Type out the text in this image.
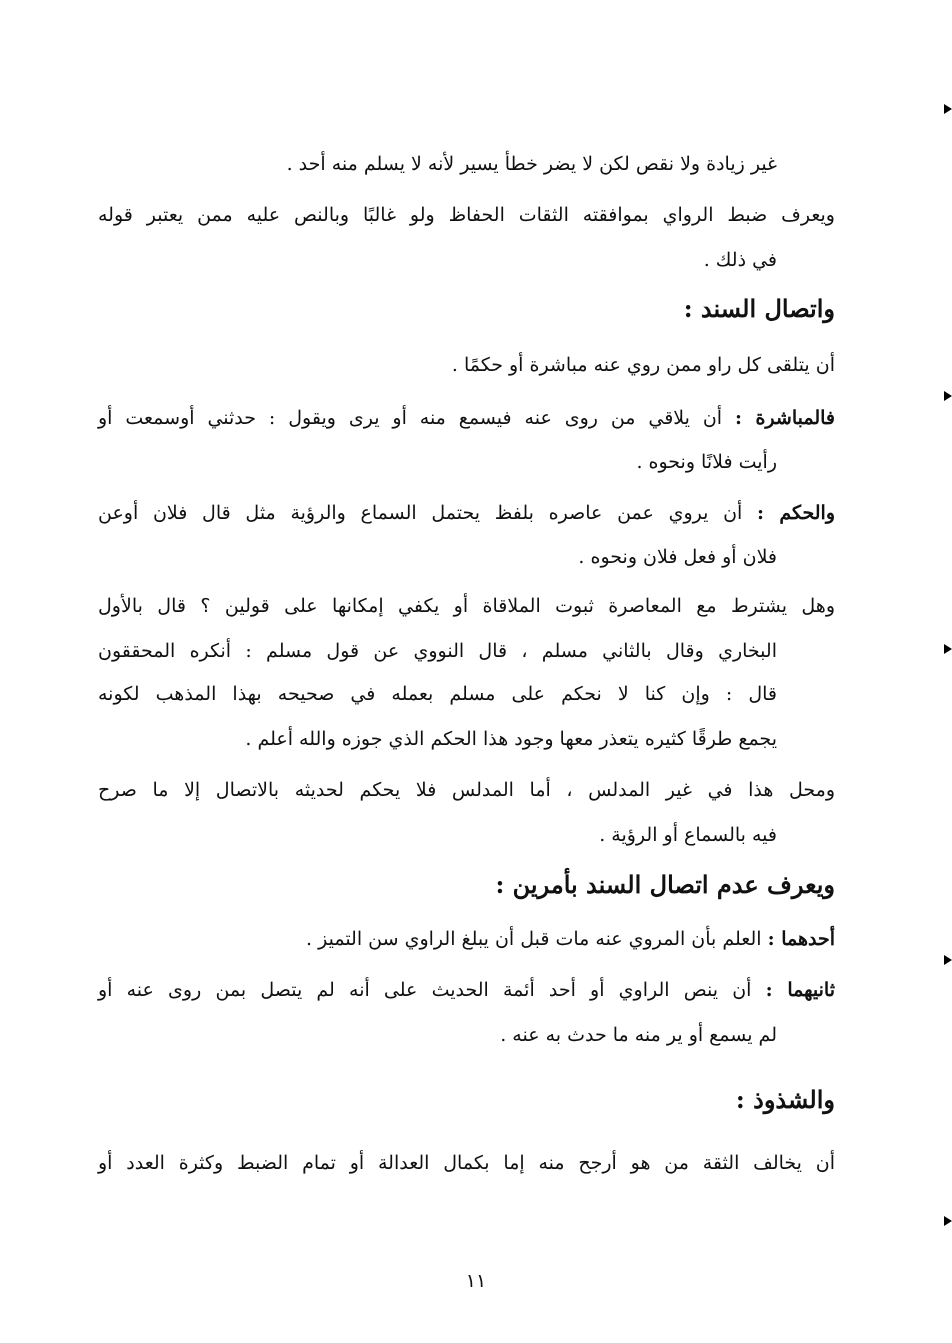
غير زيادة ولا نقص لكن لا يضر خطأ يسير لأنه لا يسلم منه أحد .
ويعرف ضبط الرواي بموافقته الثقات الحفاظ ولو غالبًا وبالنص عليه ممن يعتبر قوله
في ذلك .
واتصال السند :
أن يتلقى كل راو ممن روي عنه مباشرة أو حكمًا .
فالمباشرة : أن يلاقي من روى عنه فيسمع منه أو يرى ويقول : حدثني أوسمعت أو
رأيت فلانًا ونحوه .
والحكم : أن يروي عمن عاصره بلفظ يحتمل السماع والرؤية مثل قال فلان أوعن
فلان أو فعل فلان ونحوه .
وهل يشترط مع المعاصرة ثبوت الملاقاة أو يكفي إمكانها على قولين ؟ قال بالأول
البخاري وقال بالثاني مسلم ، قال النووي عن قول مسلم : أنكره المحققون
قال : وإن كنا لا نحكم على مسلم بعمله في صحيحه بهذا المذهب لكونه
يجمع طرقًا كثيره يتعذر معها وجود هذا الحكم الذي جوزه والله أعلم .
ومحل هذا في غير المدلس ، أما المدلس فلا يحكم لحديثه بالاتصال إلا ما صرح
فيه بالسماع أو الرؤية .
ويعرف عدم اتصال السند بأمرين :
أحدهما : العلم بأن المروي عنه مات قبل أن يبلغ الراوي سن التميز .
ثانيهما : أن ينص الراوي أو أحد أئمة الحديث على أنه لم يتصل بمن روى عنه أو
لم يسمع أو ير منه ما حدث به عنه .
والشذوذ :
أن يخالف الثقة من هو أرجح منه إما بكمال العدالة أو تمام الضبط وكثرة العدد أو
١١
